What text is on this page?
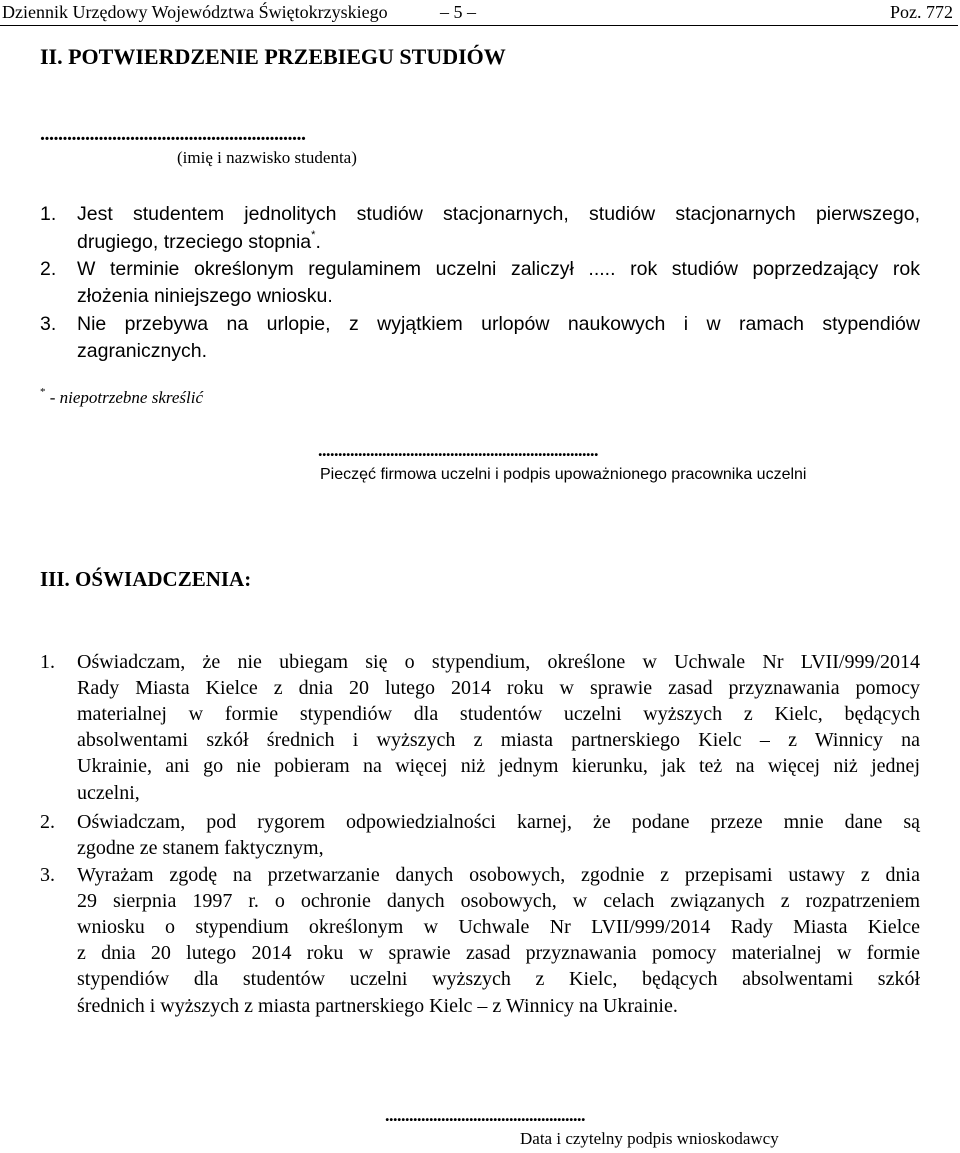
Dziennik Urzędowy Województwa Świętokrzyskiego	– 5 –	Poz. 772
II. POTWIERDZENIE PRZEBIEGU STUDIÓW
...........................................................
(imię i nazwisko studenta)
1. Jest studentem jednolitych studiów stacjonarnych, studiów stacjonarnych pierwszego,
drugiego, trzeciego stopnia*.
2. W terminie określonym regulaminem uczelni zaliczył ..... rok studiów poprzedzający rok
złożenia niniejszego wniosku.
3. Nie przebywa na urlopie, z wyjątkiem urlopów naukowych i w ramach stypendiów
zagranicznych.
* - niepotrzebne skreślić
......................................................................
Pieczęć firmowa uczelni i podpis upoważnionego pracownika uczelni
III. OŚWIADCZENIA:
1. Oświadczam, że nie ubiegam się o stypendium, określone w Uchwale Nr LVII/999/2014
Rady Miasta Kielce z dnia 20 lutego 2014 roku w sprawie zasad przyznawania pomocy
materialnej w formie stypendiów dla studentów uczelni wyższych z Kielc, będących
absolwentami szkół średnich i wyższych z miasta partnerskiego Kielc – z Winnicy na
Ukrainie, ani go nie pobieram na więcej niż jednym kierunku, jak też na więcej niż jednej
uczelni,
2. Oświadczam, pod rygorem odpowiedzialności karnej, że podane przeze mnie dane są
zgodne ze stanem faktycznym,
3. Wyrażam zgodę na przetwarzanie danych osobowych, zgodnie z przepisami ustawy z dnia
29 sierpnia 1997 r. o ochronie danych osobowych, w celach związanych z rozpatrzeniem
wniosku o stypendium określonym w Uchwale Nr LVII/999/2014 Rady Miasta Kielce
z dnia 20 lutego 2014 roku w sprawie zasad przyznawania pomocy materialnej w formie
stypendiów dla studentów uczelni wyższych z Kielc, będących absolwentami szkół
średnich i wyższych z miasta partnerskiego Kielc – z Winnicy na Ukrainie.
..................................................
Data i czytelny podpis wnioskodawcy
